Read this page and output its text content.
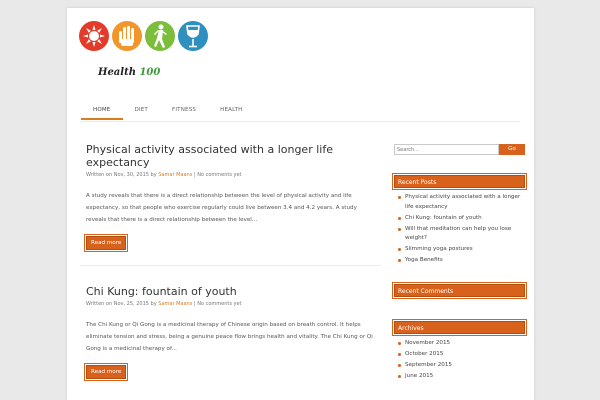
Health 100
HOME	DIET	FITNESS	HEALTH
Physical activity associated with a longer life expectancy
Written on Nov, 30, 2015 by Samar Maans | No comments yet
A study reveals that there is a direct relationship between the level of physical activity and life expectancy, so that people who exercise regularly could live between 3.4 and 4.2 years. A study reveals that there is a direct relationship between the level...
Read more
Chi Kung: fountain of youth
Written on Nov, 25, 2015 by Samar Maans | No comments yet
The Chi Kung or Qi Gong is a medicinal therapy of Chinese origin based on breath control. It helps eliminate tension and stress, being a genuine peace flow brings health and vitality. The Chi Kung or Qi Gong is a medicinal therapy of...
Read more
Search...
Go
Recent Posts
Physical activity associated with a longer life expectancy
Chi Kung: fountain of youth
Will that meditation can help you lose weight?
Slimming yoga postures
Yoga Benefits
Recent Comments
Archives
November 2015
October 2015
September 2015
June 2015
